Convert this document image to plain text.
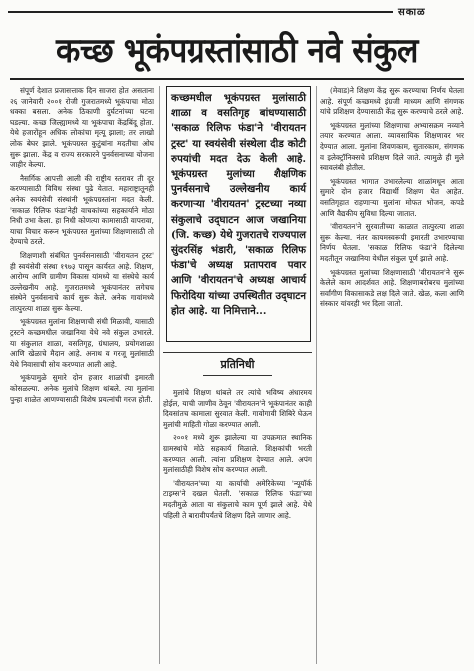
सकाळ
कच्छ भूकंपग्रस्तांसाठी नवे संकुल

संपूर्ण देशात प्रजासत्ताक दिन साजरा होत असताना २६ जानेवारी २००१ रोजी गुजरातमध्ये भूकंपाचा मोठा धक्का बसला. अनेक ठिकाणी दुर्घटनांच्या घटना घडल्या. कच्छ जिल्ह्यामध्ये या भूकंपाचा केंद्रबिंदू होता. येथे हजारोंहून अधिक लोकांचा मृत्यू झाला; तर लाखो लोक बेघर झाले. भूकंपग्रस्त कुटुंबांना मदतीचा ओघ सुरू झाला. केंद्र व राज्य सरकारने पुनर्वसनाच्या योजना जाहीर केल्या.

नैसर्गिक आपत्ती आली की राष्ट्रीय स्तरावर ती दूर करण्यासाठी विविध संस्था पुढे येतात. महाराष्ट्रातूनही अनेक स्वयंसेवी संस्थांनी भूकंपग्रस्तांना मदत केली. 'सकाळ रिलिफ फंडा'नेही वाचकांच्या सहकार्याने मोठा निधी उभा केला. हा निधी कोणत्या कामासाठी वापरावा, याचा विचार करून भूकंपग्रस्त मुलांच्या शिक्षणासाठी तो देण्याचे ठरले.

शिक्षणाशी संबंधित पुनर्वसनासाठी 'वीरायतन ट्रस्ट' ही स्वयंसेवी संस्था १९७३ पासून कार्यरत आहे. शिक्षण, आरोग्य आणि ग्रामीण विकास यांमध्ये या संस्थेचे कार्य उल्लेखनीय आहे. गुजरातमध्ये भूकंपानंतर लगेचच संस्थेने पुनर्वसनाचे कार्य सुरू केले. अनेक गावांमध्ये तात्पुरत्या शाळा सुरू केल्या.

भूकंपग्रस्त मुलांना शिक्षणाची संधी मिळावी, यासाठी ट्रस्टने कच्छमधील जखानिया येथे नवे संकुल उभारले. या संकुलात शाळा, वसतिगृह, ग्रंथालय, प्रयोगशाळा आणि खेळाचे मैदान आहे. अनाथ व गरजू मुलांसाठी येथे निवासाची सोय करण्यात आली आहे.

भूकंपामुळे सुमारे दोन हजार शाळांची इमारती कोसळल्या. अनेक मुलांचे शिक्षण थांबले. त्या मुलांना पुन्हा शाळेत आणण्यासाठी विशेष प्रयत्नांची गरज होती.

कच्छमधील भूकंपग्रस्त मुलांसाठी शाळा व वसतिगृह बांधण्यासाठी 'सकाळ रिलिफ फंडा'ने 'वीरायतन ट्रस्ट' या स्वयंसेवी संस्थेला दीड कोटी रुपयांची मदत देऊ केली आहे. भूकंपग्रस्त मुलांच्या शैक्षणिक पुनर्वसनाचे उल्लेखनीय कार्य करणाऱ्या 'वीरायतन' ट्रस्टच्या नव्या संकुलाचे उद्‌घाटन आज जखानिया (जि. कच्छ) येथे गुजरातचे राज्यपाल सुंदरसिंह भंडारी, 'सकाळ रिलिफ फंडा'चे अध्यक्ष प्रतापराव पवार आणि 'वीरायतन'चे अध्यक्ष आचार्य फिरोदिया यांच्या उपस्थितीत उद्‌घाटन होत आहे. या निमित्ताने...
प्रतिनिधी

मुलांचे शिक्षण थांबले तर त्यांचे भविष्य अंधारमय होईल, याची जाणीव ठेवून 'वीरायतन'ने भूकंपानंतर काही दिवसांतच कामाला सुरवात केली. गावोगावी शिबिरे घेऊन मुलांची माहिती गोळा करण्यात आली.

२००१ मध्ये शुरू झालेल्या या उपक्रमात स्थानिक ग्रामस्थांचे मोठे सहकार्य मिळाले. शिक्षकांची भरती करण्यात आली. त्यांना प्रशिक्षण देण्यात आले. अपंग मुलांसाठीही विशेष सोय करण्यात आली.

'वीरायतन'च्या या कार्याची अमेरिकेच्या 'न्यूयॉर्क टाइम्स'ने दखल घेतली. 'सकाळ रिलिफ फंडा'च्या मदतीमुळे आता या संकुलाचे काम पूर्ण झाले आहे. येथे पहिली ते बारावीपर्यंतचे शिक्षण दिले जाणार आहे.

(मेवाड)ने शिक्षण केंद्र सुरू करण्याचा निर्णय घेतला आहे. संपूर्ण कच्छमध्ये इंग्रजी माध्यम आणि संगणक यांचे प्रशिक्षण देण्यासाठी केंद्र सुरू करण्याचे ठरले आहे.

भूकंपग्रस्त मुलांच्या शिक्षणाचा अभ्यासक्रम नव्याने तयार करण्यात आला. व्यावसायिक शिक्षणावर भर देण्यात आला. मुलांना शिवणकाम, सुतारकाम, संगणक व इलेक्ट्रॉनिक्सचे प्रशिक्षण दिले जाते. त्यामुळे ही मुले स्वावलंबी होतील.

भूकंपग्रस्त भागात उभारलेल्या शाळांमधून आता सुमारे दोन हजार विद्यार्थी शिक्षण घेत आहेत. वसतिगृहात राहणाऱ्या मुलांना मोफत भोजन, कपडे आणि वैद्यकीय सुविधा दिल्या जातात.

'वीरायतन'ने सुरवातीच्या काळात तात्पुरत्या शाळा सुरू केल्या. नंतर कायमस्वरूपी इमारती उभारण्याचा निर्णय घेतला. 'सकाळ रिलिफ फंडा'ने दिलेल्या मदतीतून जखानिया येथील संकुल पूर्ण झाले आहे.

भूकंपग्रस्त मुलांच्या शिक्षणासाठी 'वीरायतन'ने सुरू केलेले काम आदर्शवत आहे. शिक्षणाबरोबरच मुलांच्या सर्वांगीण विकासाकडे लक्ष दिले जाते. खेळ, कला आणि संस्कार यांवरही भर दिला जातो.
